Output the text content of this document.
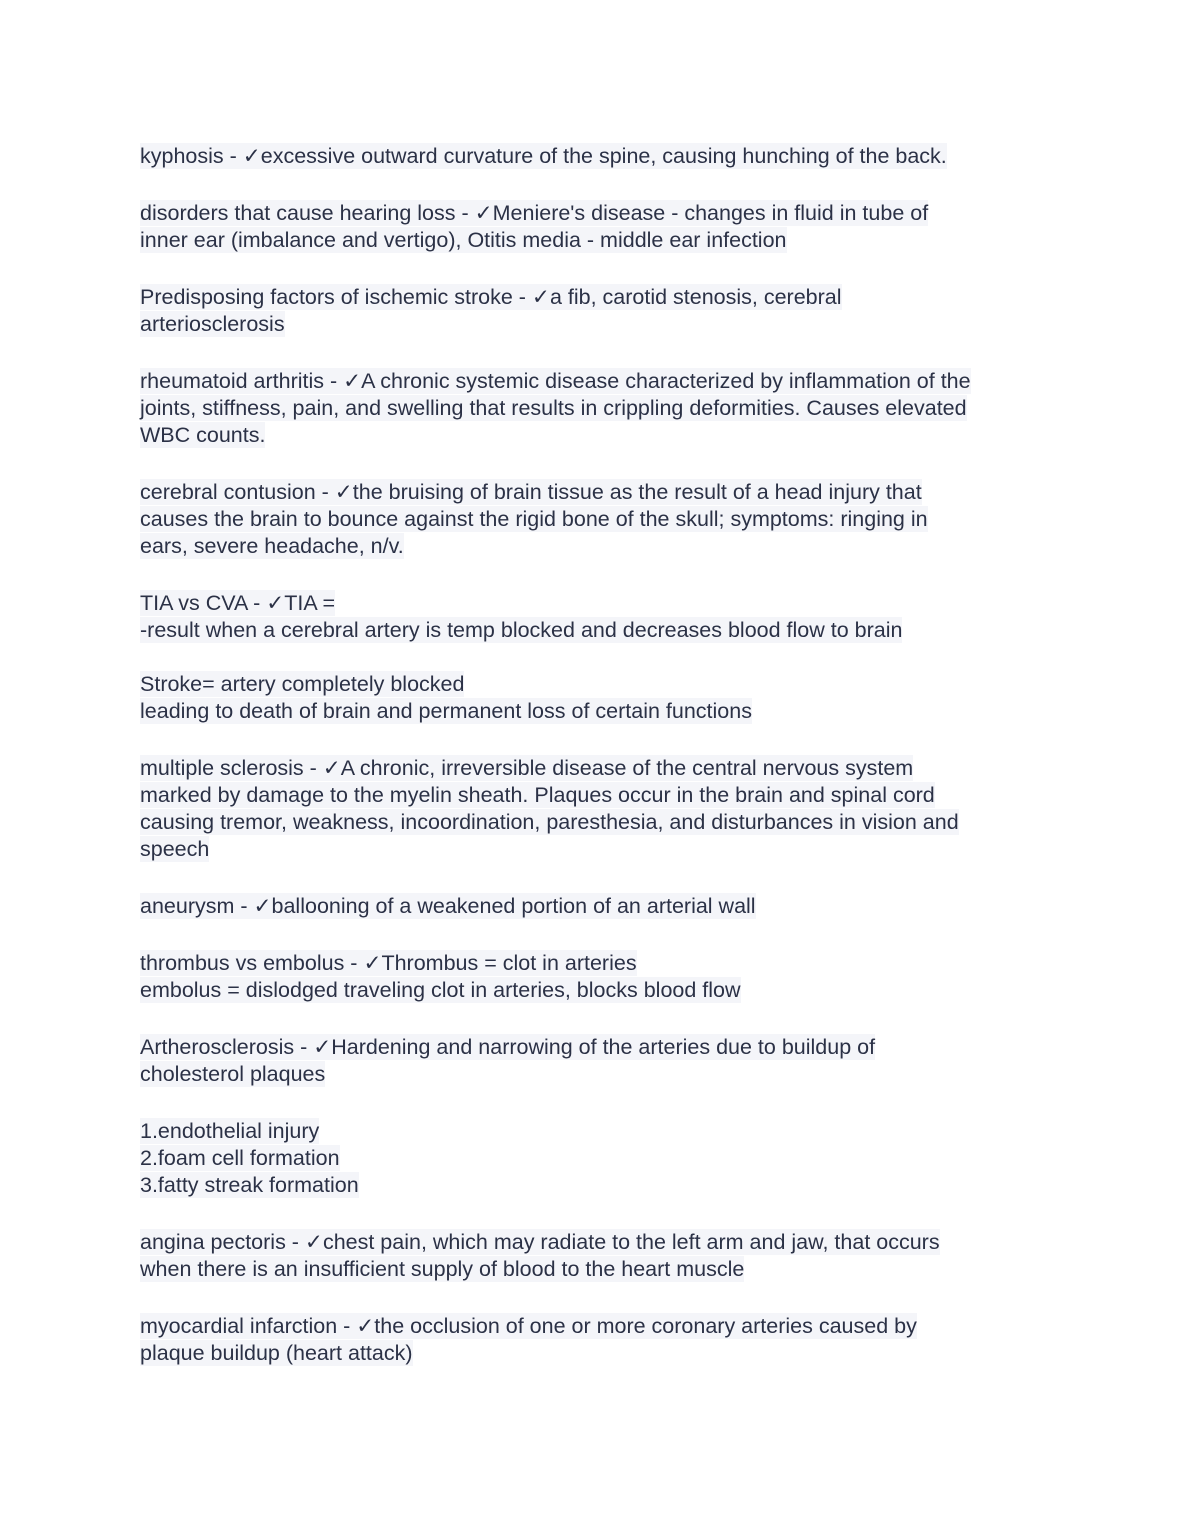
kyphosis - ✓excessive outward curvature of the spine, causing hunching of the back.
disorders that cause hearing loss - ✓Meniere's disease - changes in fluid in tube of
inner ear (imbalance and vertigo), Otitis media - middle ear infection
Predisposing factors of ischemic stroke - ✓a fib, carotid stenosis, cerebral
arteriosclerosis
rheumatoid arthritis - ✓A chronic systemic disease characterized by inflammation of the
joints, stiffness, pain, and swelling that results in crippling deformities. Causes elevated
WBC counts.
cerebral contusion - ✓the bruising of brain tissue as the result of a head injury that
causes the brain to bounce against the rigid bone of the skull; symptoms: ringing in
ears, severe headache, n/v.
TIA vs CVA - ✓TIA =
-result when a cerebral artery is temp blocked and decreases blood flow to brain
Stroke= artery completely blocked
leading to death of brain and permanent loss of certain functions
multiple sclerosis - ✓A chronic, irreversible disease of the central nervous system
marked by damage to the myelin sheath. Plaques occur in the brain and spinal cord
causing tremor, weakness, incoordination, paresthesia, and disturbances in vision and
speech
aneurysm - ✓ballooning of a weakened portion of an arterial wall
thrombus vs embolus - ✓Thrombus = clot in arteries
embolus = dislodged traveling clot in arteries, blocks blood flow
Artherosclerosis - ✓Hardening and narrowing of the arteries due to buildup of
cholesterol plaques
1.endothelial injury
2.foam cell formation
3.fatty streak formation
angina pectoris - ✓chest pain, which may radiate to the left arm and jaw, that occurs
when there is an insufficient supply of blood to the heart muscle
myocardial infarction - ✓the occlusion of one or more coronary arteries caused by
plaque buildup (heart attack)
